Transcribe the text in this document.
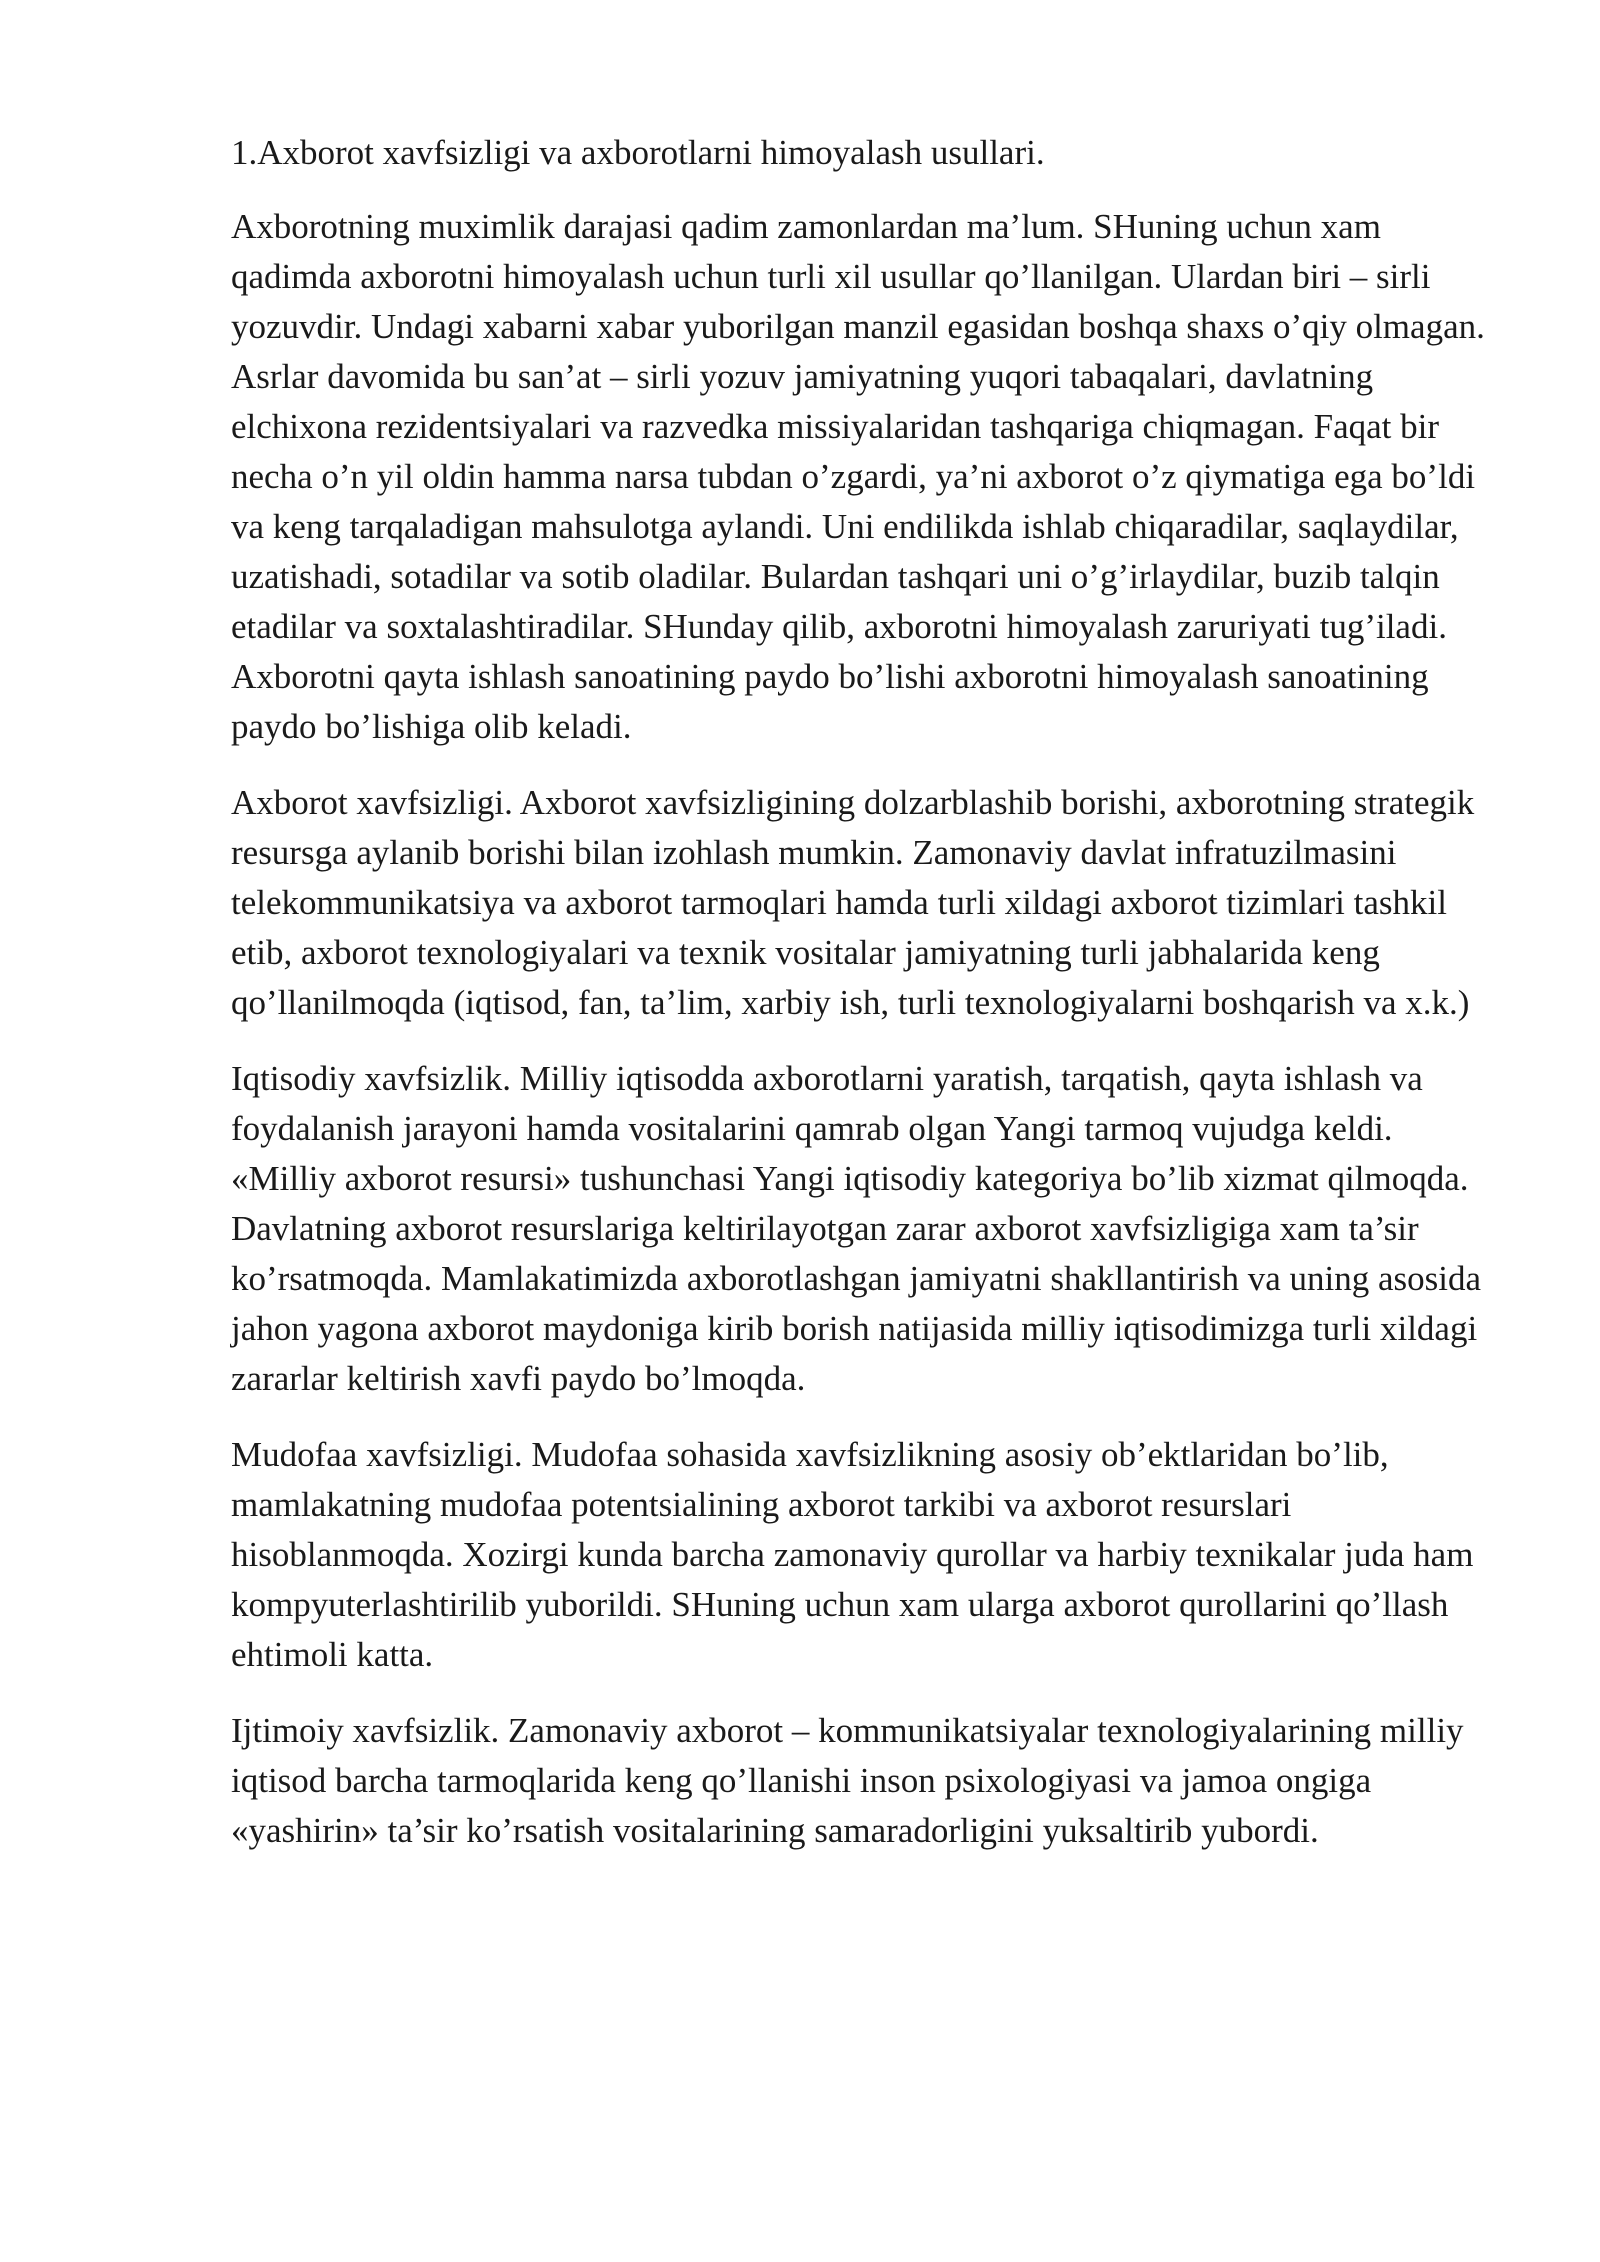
1.Axborot xavfsizligi va axborotlarni himoyalash usullari.

Axborotning muximlik darajasi qadim zamonlardan ma’lum. SHuning uchun xam qadimda axborotni himoyalash uchun turli xil usullar qo’llanilgan. Ulardan biri – sirli yozuvdir. Undagi xabarni xabar yuborilgan manzil egasidan boshqa shaxs o’qiy olmagan. Asrlar davomida bu san’at – sirli yozuv jamiyatning yuqori tabaqalari, davlatning elchixona rezidentsiyalari va razvedka missiyalaridan tashqariga chiqmagan. Faqat bir necha o’n yil oldin hamma narsa tubdan o’zgardi, ya’ni axborot o’z qiymatiga ega bo’ldi va keng tarqaladigan mahsulotga aylandi. Uni endilikda ishlab chiqaradilar, saqlaydilar, uzatishadi, sotadilar va sotib oladilar. Bulardan tashqari uni o’g’irlaydilar, buzib talqin etadilar va soxtalashtiradilar. SHunday qilib, axborotni himoyalash zaruriyati tug’iladi. Axborotni qayta ishlash sanoatining paydo bo’lishi axborotni himoyalash sanoatining paydo bo’lishiga olib keladi.

Axborot xavfsizligi. Axborot xavfsizligining dolzarblashib borishi, axborotning strategik resursga aylanib borishi bilan izohlash mumkin. Zamonaviy davlat infratuzilmasini telekommunikatsiya va axborot tarmoqlari hamda turli xildagi axborot tizimlari tashkil etib, axborot texnologiyalari va texnik vositalar jamiyatning turli jabhalarida keng qo’llanilmoqda (iqtisod, fan, ta’lim, xarbiy ish, turli texnologiyalarni boshqarish va x.k.)

Iqtisodiy xavfsizlik. Milliy iqtisodda axborotlarni yaratish, tarqatish, qayta ishlash va foydalanish jarayoni hamda vositalarini qamrab olgan Yangi tarmoq vujudga keldi. «Milliy axborot resursi» tushunchasi Yangi iqtisodiy kategoriya bo’lib xizmat qilmoqda. Davlatning axborot resurslariga keltirilayotgan zarar axborot xavfsizligiga xam ta’sir ko’rsatmoqda. Mamlakatimizda axborotlashgan jamiyatni shakllantirish va uning asosida jahon yagona axborot maydoniga kirib borish natijasida milliy iqtisodimizga turli xildagi zararlar keltirish xavfi paydo bo’lmoqda.

Mudofaa xavfsizligi. Mudofaa sohasida xavfsizlikning asosiy ob’ektlaridan bo’lib, mamlakatning mudofaa potentsialining axborot tarkibi va axborot resurslari hisoblanmoqda. Xozirgi kunda barcha zamonaviy qurollar va harbiy texnikalar juda ham kompyuterlashtirilib yuborildi. SHuning uchun xam ularga axborot qurollarini qo’llash ehtimoli katta.

Ijtimoiy xavfsizlik. Zamonaviy axborot – kommunikatsiyalar texnologiyalarining milliy iqtisod barcha tarmoqlarida keng qo’llanishi inson psixologiyasi va jamoa ongiga «yashirin» ta’sir ko’rsatish vositalarining samaradorligini yuksaltirib yubordi.
